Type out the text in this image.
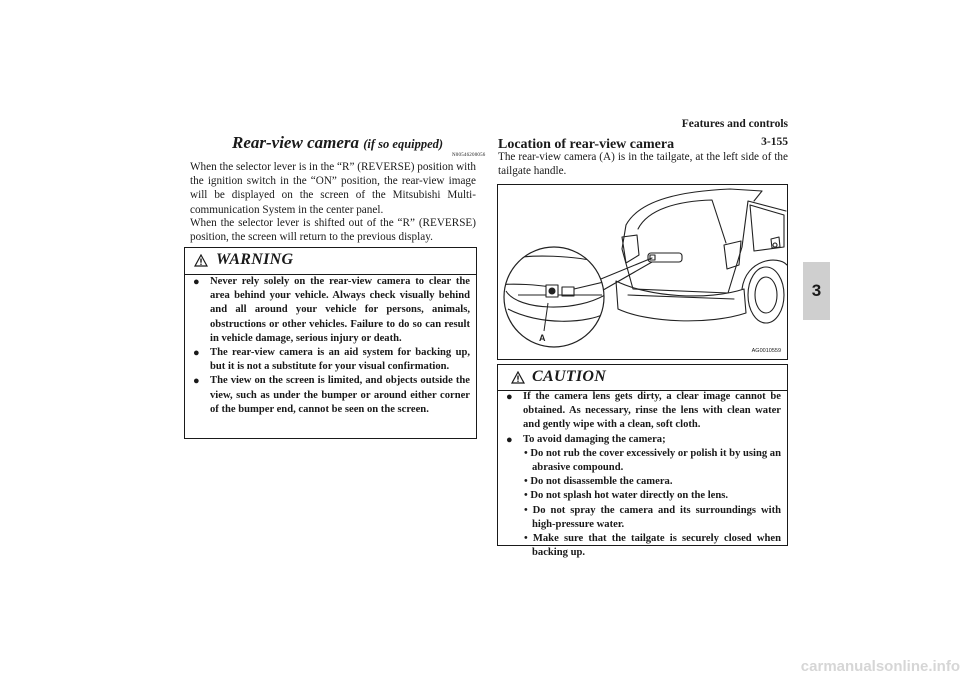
Features and controls
3-155
3
Rear-view camera (if so equipped)
N00546200056
When the selector lever is in the “R” (REVERSE) position with the ignition switch in the “ON” position, the rear-view image will be displayed on the screen of the Mitsubishi Multi-communication System in the center panel.
When the selector lever is shifted out of the “R” (REVERSE) position, the screen will return to the previous display.
WARNING
● Never rely solely on the rear-view camera to clear the area behind your vehicle. Always check visually behind and all around your vehicle for persons, animals, obstructions or other vehicles. Failure to do so can result in vehicle damage, serious injury or death.
● The rear-view camera is an aid system for backing up, but it is not a substitute for your visual confirmation.
● The view on the screen is limited, and objects outside the view, such as under the bumper or around either corner of the bumper end, cannot be seen on the screen.
Location of rear-view camera
The rear-view camera (A) is in the tailgate, at the left side of the tailgate handle.
A
AG0010559
CAUTION
● If the camera lens gets dirty, a clear image cannot be obtained. As necessary, rinse the lens with clean water and gently wipe with a clean, soft cloth.
● To avoid damaging the camera;
• Do not rub the cover excessively or polish it by using an abrasive compound.
• Do not disassemble the camera.
• Do not splash hot water directly on the lens.
• Do not spray the camera and its surroundings with high-pressure water.
• Make sure that the tailgate is securely closed when backing up.
carmanualsonline.info
